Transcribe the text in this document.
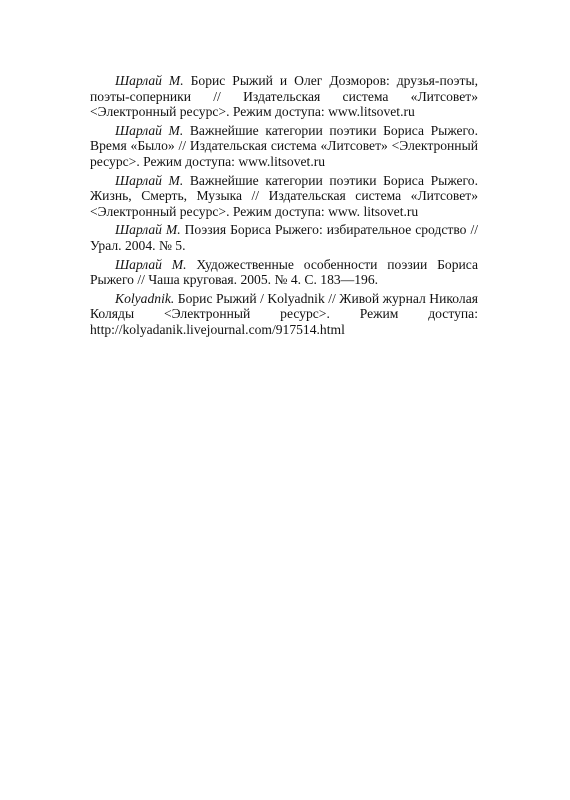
Шарлай М. Борис Рыжий и Олег Дозморов: друзья-поэты, поэты-соперники // Издательская система «Литсовет» <Электронный ресурс>. Режим доступа: www.litsovet.ru

Шарлай М. Важнейшие категории поэтики Бориса Рыжего. Время «Было» // Издательская система «Литсовет» <Электронный ресурс>. Режим доступа: www.litsovet.ru

Шарлай М. Важнейшие категории поэтики Бориса Рыжего. Жизнь, Смерть, Музыка // Издательская система «Литсовет» <Электронный ресурс>. Режим доступа: www. litsovet.ru

Шарлай М. Поэзия Бориса Рыжего: избирательное сродство // Урал. 2004. № 5.

Шарлай М. Художественные особенности поэзии Бориса Рыжего // Чаша круговая. 2005. № 4. С. 183—196.

Kolyadnik. Борис Рыжий / Kolyadnik // Живой журнал Николая Коляды <Электронный ресурс>. Режим доступа: http://kolyadanik.livejournal.com/917514.html
